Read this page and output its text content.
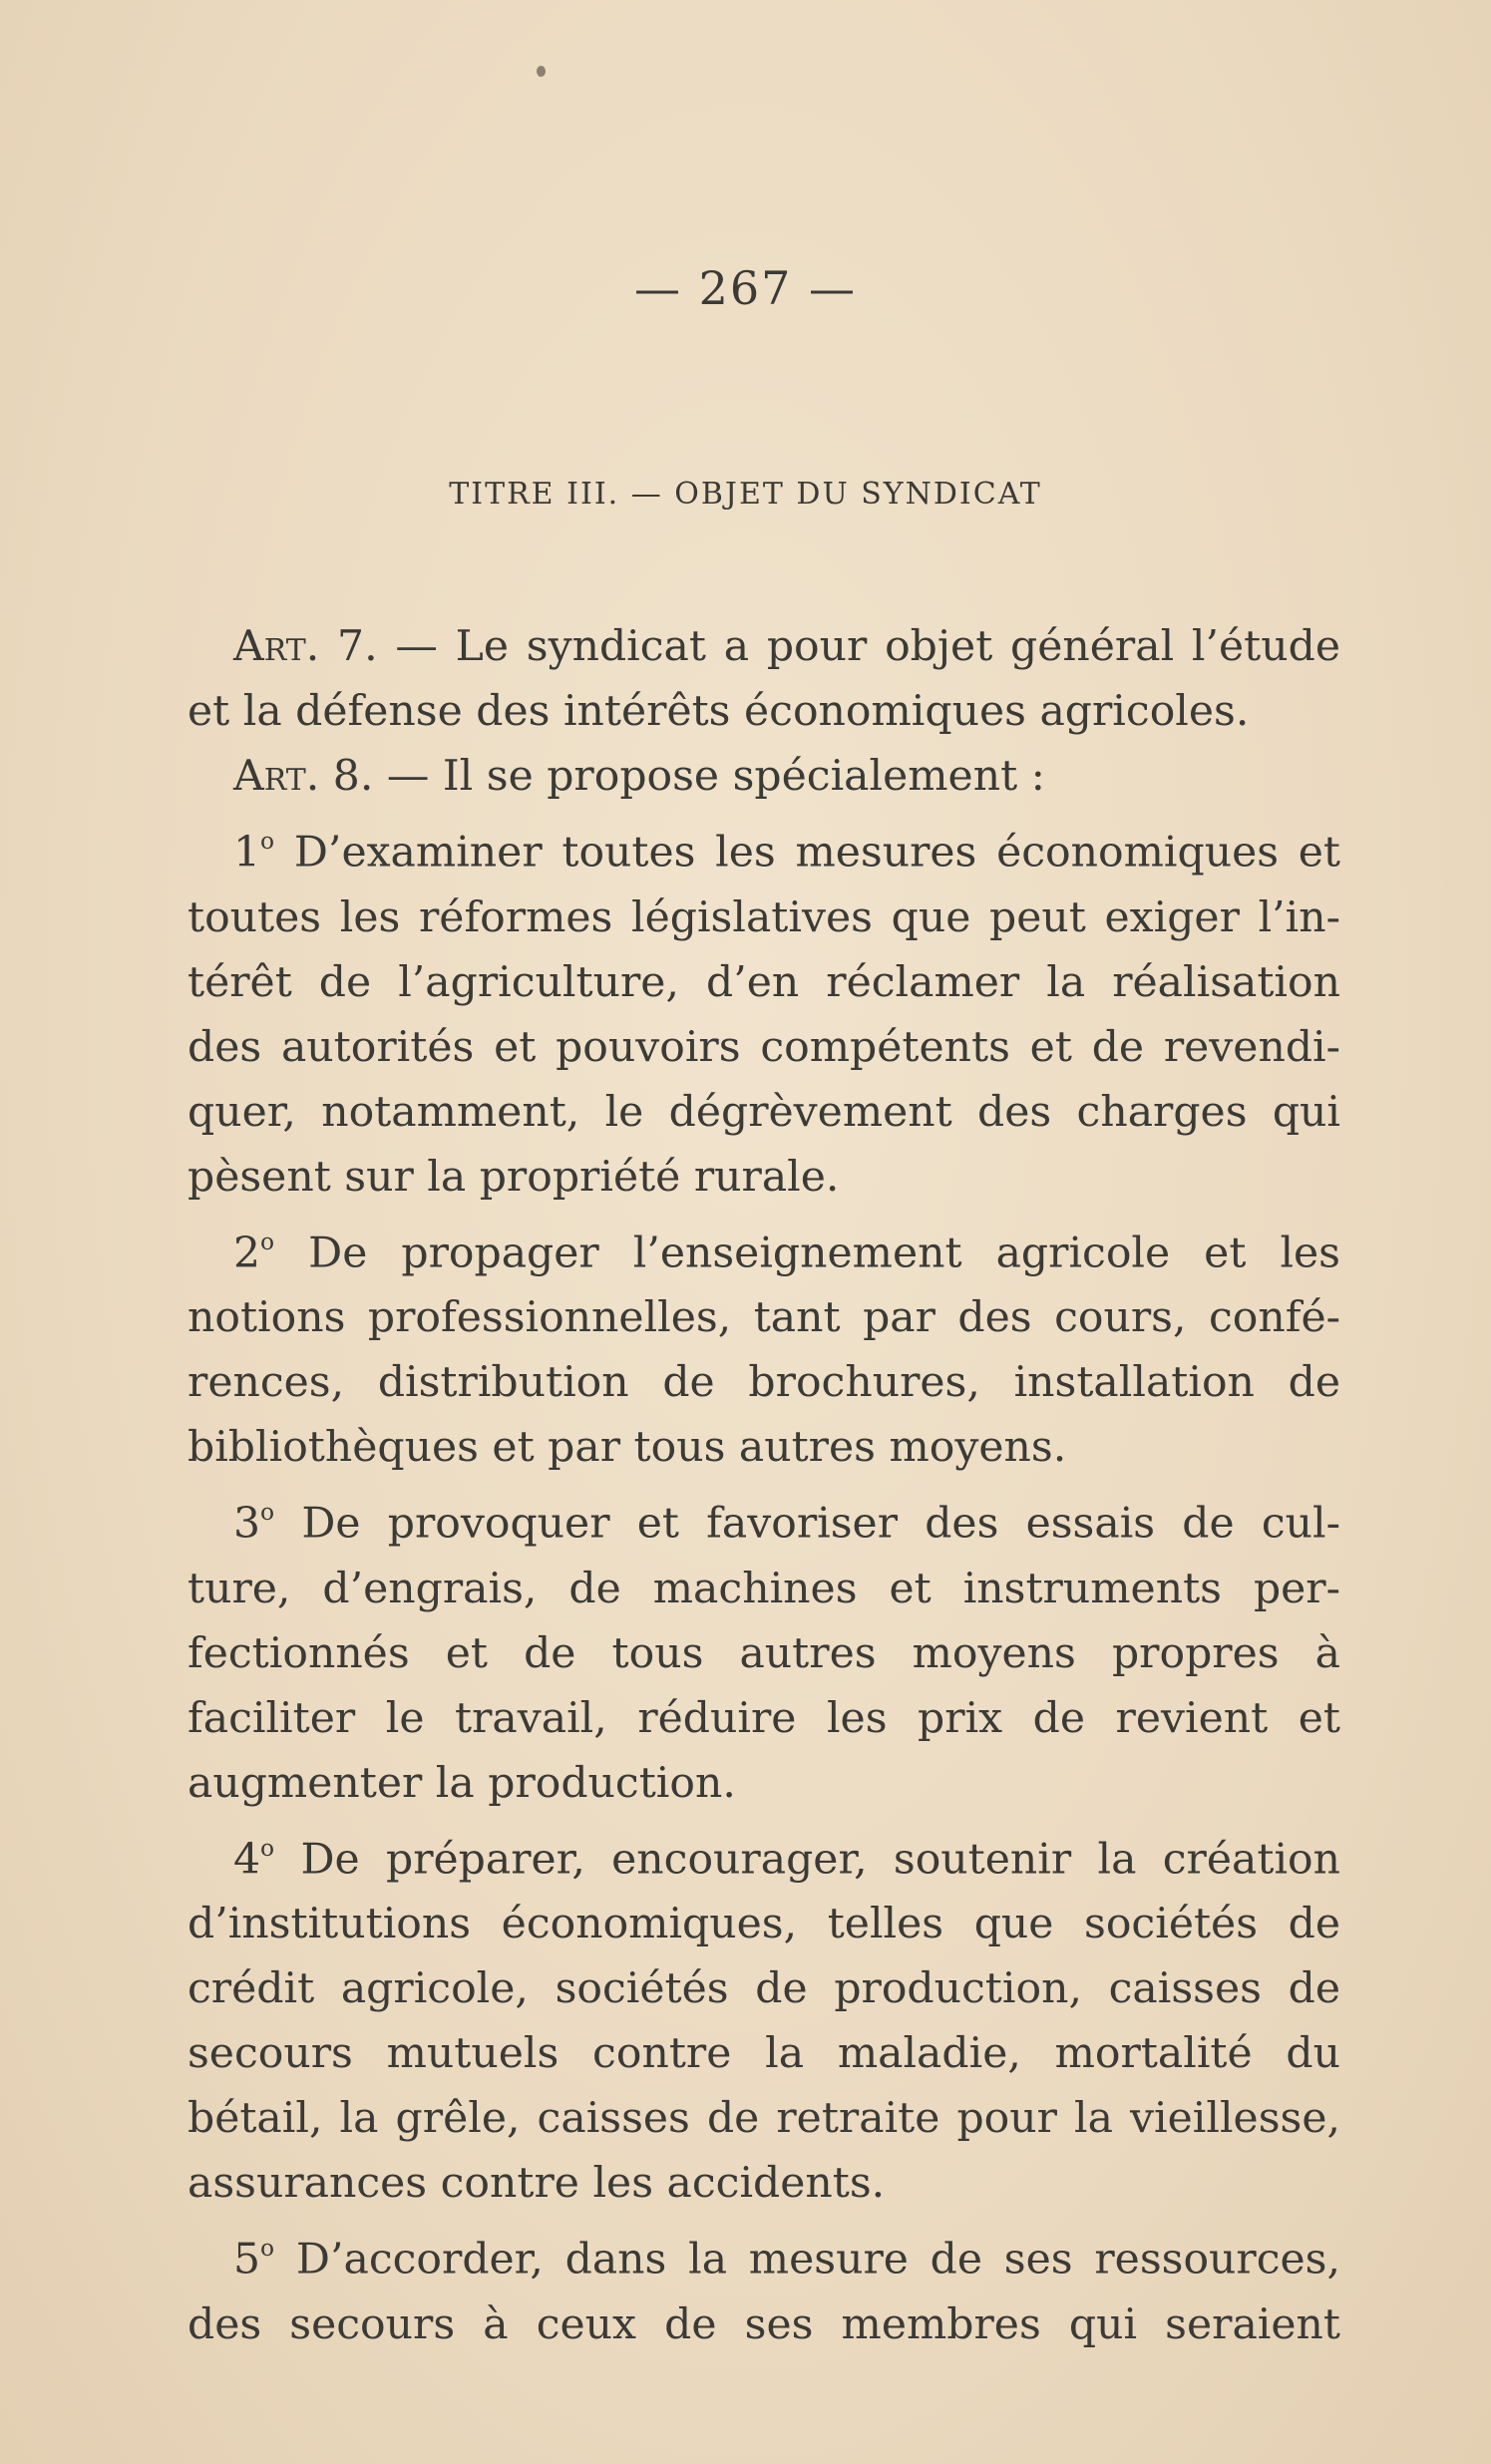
— 267 —
TITRE III. — OBJET DU SYNDICAT

Art. 7. — Le syndicat a pour objet général l’étude
et la défense des intérêts économiques agricoles.

Art. 8. — Il se propose spécialement :

1$^o$ D’examiner toutes les mesures économiques et
toutes les réformes législatives que peut exiger l’in-
térêt de l’agriculture, d’en réclamer la réalisation
des autorités et pouvoirs compétents et de revendi-
quer, notamment, le dégrèvement des charges qui
pèsent sur la propriété rurale.

2$^o$ De propager l’enseignement agricole et les
notions professionnelles, tant par des cours, confé-
rences, distribution de brochures, installation de
bibliothèques et par tous autres moyens.

3$^o$ De provoquer et favoriser des essais de cul-
ture, d’engrais, de machines et instruments per-
fectionnés et de tous autres moyens propres à
faciliter le travail, réduire les prix de revient et
augmenter la production.

4$^o$ De préparer, encourager, soutenir la création
d’institutions économiques, telles que sociétés de
crédit agricole, sociétés de production, caisses de
secours mutuels contre la maladie, mortalité du
bétail, la grêle, caisses de retraite pour la vieillesse,
assurances contre les accidents.

5$^o$ D’accorder, dans la mesure de ses ressources,
des secours à ceux de ses membres qui seraient
